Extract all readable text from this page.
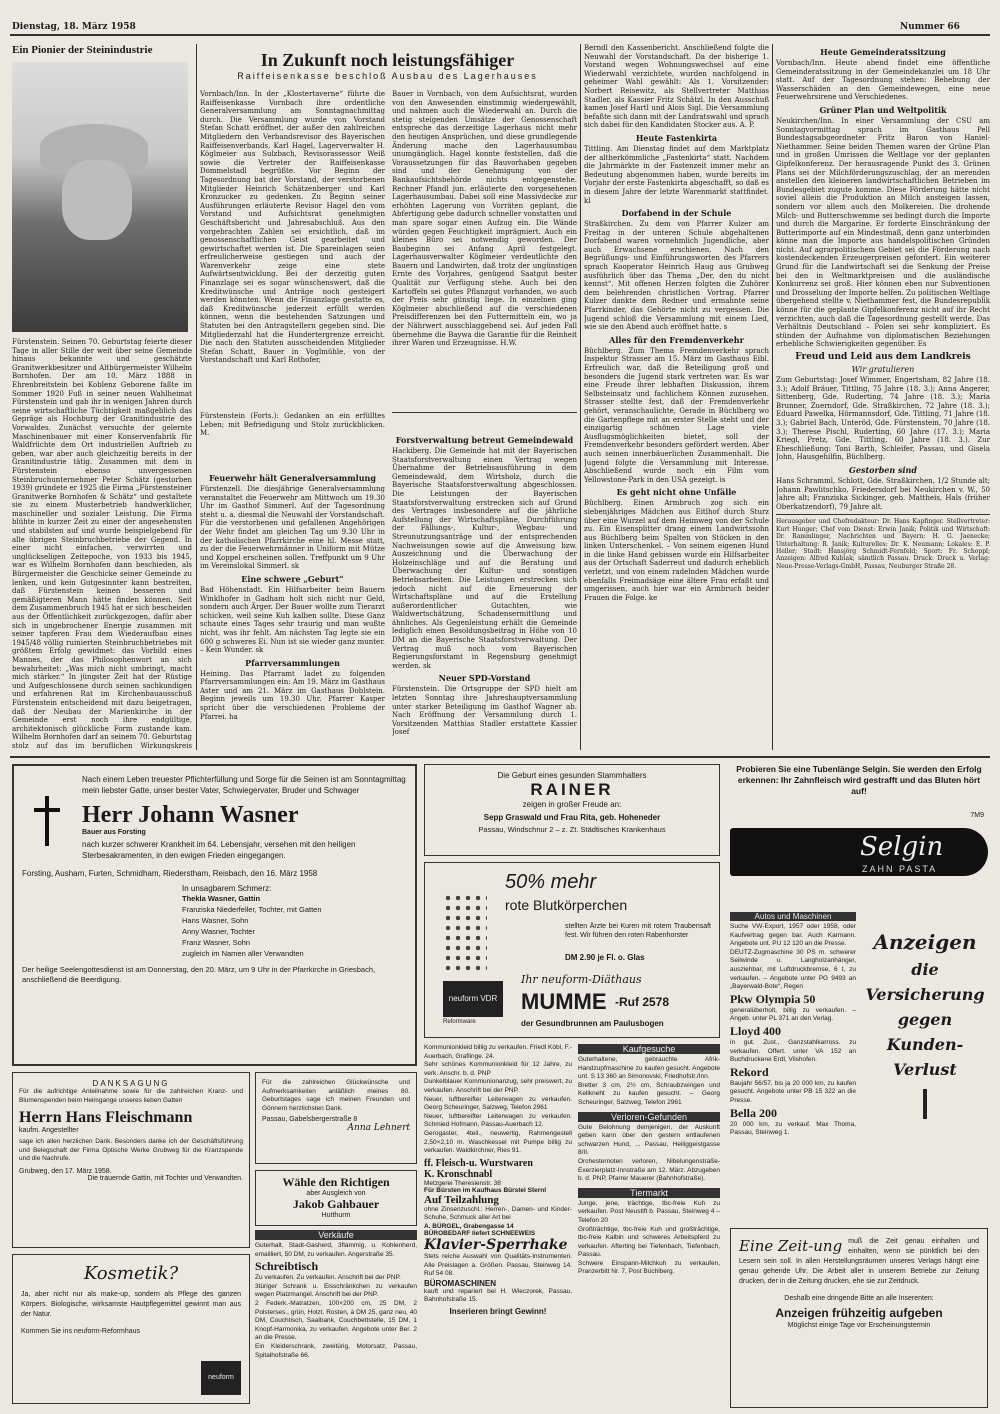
Dienstag, 18. März 1958	Nummer 66
Ein Pionier der Steinindustrie
Fürstenstein. Seinen 70. Geburtstag feierte dieser Tage in aller Stille der weit über seine Gemeinde hinaus bekannte und geschätzte Granitwerkbesitzer und Altbürgermeister Wilhelm Bornhofen. Der am 10. März 1888 in Ehrenbreitstein bei Koblenz Geborene faßte im Sommer 1920 Fuß in seiner neuen Wahlheimat Fürstenstein und gab ihr in wenigen Jahren durch seine wirtschaftliche Tüchtigkeit maßgeblich das Gepräge als Hochburg der Granitindustrie des Vorwaldes. Zunächst versuchte der gelernte Maschinenbauer mit einer Konservenfabrik für Waldfrüchte dem Ort industriellen Auftrieb zu geben, war aber auch gleichzeitig bereits in der Granitindustrie tätig. Zusammen mit dem in Fürstenstein ebenso unvergessenen Steinbruchunternehmer Peter Schätz (gestorben 1939) gründete er 1925 die Firma „Fürstensteiner Granitwerke Bornhofen & Schätz“ und gestaltete sie zu einem Musterbetrieb handwerklicher, maschineller und sozialer Leistung. Die Firma blühte in kurzer Zeit zu einer der angesehensten und stabilsten auf und wurde beispielgebend für alle übrigen Steinbruchbetriebe der Gegend. In einer nicht einfachen, verwirrten und unglückseligen Zeitepoche, von 1933 bis 1945, war es Wilhelm Bornhofen dann beschieden, als Bürgermeister die Geschicke seiner Gemeinde zu lenken, und kein Gutgesinnter kann bestreiten, daß Fürstenstein keinen besseren und gemäßigteren Mann hätte finden können. Seit dem Zusammenbruch 1945 hat er sich bescheiden aus der Öffentlichkeit zurückgezogen, dafür aber sich in ungebrochener Energie zusammen mit seiner tapferen Frau dem Wiederaufbau eines 1945/48 völlig ruinierten Steinbruchbetriebes mit größtem Erfolg gewidmet: das Vorbild eines Mannes, der das Philosophenwort an sich bewahrheitet: „Was mich nicht umbringt, macht mich stärker.“ In jüngster Zeit hat der Rüstige und Aufgeschlossene durch seinen sachkundigen und erfahrenen Rat im Kirchenbauausschuß Fürstenstein entscheidend mit dazu beigetragen, daß der Neubau der Marienkirche in der Gemeinde erst noch ihre endgültige, architektonisch glückliche Form zustande kam. Wilhelm Bornhofen darf an seinem 70. Geburtstag stolz auf das im beruflichen Wirkungskreis
In Zukunft noch leistungsfähiger
Raiffeisenkasse beschloß Ausbau des Lagerhauses
Vornbach/Inn. In der „Klostertaverne“ führte die Raiffeisenkasse Vornbach ihre ordentliche Generalversammlung am Sonntagnachmittag durch. Die Versammlung wurde von Vorstand Stefan Schatt eröffnet, der außer den zahlreichen Mitgliedern den Verbandsrevisor des Bayerischen Raiffeisenverbands, Karl Hagel, Lagerverwalter H. Köglmeier aus Sulzbach, Revisorassessor Weiß sowie die Vertreter der Raiffeisenkasse Dommelstadl begrüßte. Vor Beginn der Tagesordnung bat der Vorstand, der verstorbenen Mitglieder Heinrich Schätzenberger und Karl Kronzucker zu gedenken. Zu Beginn seiner Ausführungen erläuterte Revisor Hagel den vom Vorstand und Aufsichtsrat genehmigten Geschäftsbericht und Jahresabschluß. Aus den vorgebrachten Zahlen sei ersichtlich, daß im genossenschaftlichen Geist gearbeitet und gewirtschaftet werden ist. Die Spareinlagen seien erfreulicherweise gestiegen und auch der Warenverkehr zeige eine stete Aufwärtsentwicklung. Bei der derzeitig guten Finanzlage sei es sogar wünschenswert, daß die Kreditwünsche und Anträge noch gesteigert werden könnten. Wenn die Finanzlage gestatte es, daß Kreditwünsche jederzeit erfüllt werden können, wenn die bestehenden Satzungen und Statuten bei den Antragstellern gegeben sind. Die Mitgliederzahl hat die Hundertergrenze erreicht. Die nach den Statuten ausscheidenden Mitglieder Stefan Schatt, Bauer in Voglmühle, von der Vorstandschaft und Karl Rothofer,
Bauer in Vornbach, von dem Aufsichtsrat, wurden von den Anwesenden einstimmig wiedergewählt, und nahmen auch die Wiederwahl an. Durch die stetig steigenden Umsätze der Genossenschaft entspreche das derzeitige Lagerhaus nicht mehr den heutigen Ansprüchen, und diese grundlegende Änderung mache den Lagerhausumbau unumgänglich. Hagel konnte feststellen, daß die Voraussetzungen für das Bauvorhaben gegeben sind und der Genehmigung von der Bankaufsichtsbehörde nichts entgegenstehe. Rechner Pfandl jun. erläuterte den vorgesehenen Lagerhausumbau. Dabei soll eine Massivdecke zur erhöhten Lagerung von Vorräten geplant, die Abfertigung gebe dadurch schneller vonstatten und man spare sogar einen Aufzug ein. Die Wände würden gegen Feuchtigkeit imprägniert. Auch ein kleines Büro sei notwendig geworden. Der Baubeginn sei Anfang April festgelegt. Lagerhausverwalter Köglmeier verdeutlichte den Bauern und Landwirten, daß trotz der ungünstigen Ernte des Vorjahres, genügend Saatgut bester Qualität zur Verfügung stehe. Auch bei den Kartoffeln sei gutes Pflanzgut vorhanden, wo auch der Preis sehr günstig liege. In einzelnen ging Köglmeier abschließend auf die verschiedenen Preisdifferenzen bei den Futtermitteln ein, wo ja der Nährwert ausschlaggebend sei. Auf jeden Fall übernehme die Baywa die Garantie für die Reinheit ihrer Waren und Erzeugnisse. H.W.
Fürstenstein (Forts.): Gedanken an ein erfülltes Leben; mit Befriedigung und Stolz zurückblicken. M.
Feuerwehr hält Generalversammlung
Fürstenzell. Die diesjährige Generalversammlung veranstaltet die Feuerwehr am Mittwoch um 19.30 Uhr im Gasthof Simmerl. Auf der Tagesordnung steht u. a. diesmal die Neuwahl der Vorstandschaft. Für die verstorbenen und gefallenen Angehörigen der Wehr findet am gleichen Tag um 9.30 Uhr in der katholischen Pfarrkirche eine hl. Messe statt, zu der die Feuerwehrmänner in Uniform mit Mütze und Koppel erscheinen sollen. Treffpunkt um 9 Uhr im Vereinslokal Simmerl. sk
Eine schwere „Geburt“
Bad Höhenstadt. Ein Hilfsarbeiter beim Bauern Winklhofer in Gadham holt sich nicht nur Geld, sondern auch Ärger. Der Bauer wollte zum Tierarzt schicken, weil seine Kuh kalben sollte. Diese Ganz schaute eines Tages sehr traurig und man wußte nicht, was ihr fehlt. Am nächsten Tag legte sie ein 600 g schweres Ei. Nun ist sie wieder ganz munter. – Kein Wunder. sk
Pfarrversammlungen
Heining. Das Pfarramt ladet zu folgenden Pfarrversammlungen ein: Am 19. März im Gasthaus Aster und am 21. März im Gasthaus Doblstein. Beginn jeweils um 19.30 Uhr. Pfarrer Kasper spricht über die verschiedenen Probleme der Pfarrei. ha
Forstverwaltung betreut Gemeindewald
Hackiberg. Die Gemeinde hat mit der Bayerischen Staatsforstverwaltung einen Vertrag wegen Übernahme der Betriebsausführung in dem Gemeindewald, dem Wirtsholz, durch die Bayerische Staatsforstverwaltung abgeschlossen. Die Leistungen der Bayerischen Staatsforstverwaltung erstrecken sich auf Grund des Vertrages insbesondere auf die jährliche Aufstellung der Wirtschaftspläne, Durchführung der Fällungs-, Kultur-, Wegbau- und Streunutzungsanträge und der entsprechenden Nachweisungen sowie auf die Anweisung bzw. Auszeichnung und die Überwachung der Holzeinschläge und auf die Beratung und Überwachung der Kultur- und sonstigen Betriebsarbeiten. Die Leistungen erstrecken sich jedoch nicht auf die Erneuerung der Wirtschaftspläne und auf die Erstellung außerordentlicher Gutachten, wie Waldwertschätzung, Schadensermittlung und ähnliches. Als Gegenleistung erhält die Gemeinde lediglich einen Besoldungsbeitrag in Höhe von 10 DM an die Bayerische Staatsforstverwaltung. Der Vertrag muß noch vom Bayerischen Regierungsforstamt in Regensburg genehmigt werden. sk
Neuer SPD-Vorstand
Fürstenstein. Die Ortsgruppe der SPD hielt am letzten Sonntag ihre Jahreshauptversammlung unter starker Beteiligung im Gasthof Wagner ab. Nach Eröffnung der Versammlung durch 1. Vorsitzenden Matthias Stadler erstattete Kassier Josef
Berndl den Kassenbericht. Anschließend folgte die Neuwahl der Vorstandschaft. Da der bisherige 1. Vorstand wegen Wohnungswechsel auf eine Wiederwahl verzichtete, wurden nachfolgend in geheimer Wahl gewählt: Als 1. Vorsitzender: Norbert Reisewitz, als Stellvertreter Matthias Stadler, als Kassier Fritz Schätzl. In den Ausschuß kamen Josef Hartl und Alois Sigl. Die Versammlung befaßte sich dann mit der Landratswahl und sprach sich dabei für den Kandidaten Stocker aus. A. P.
Heute Fastenkirta
Tittling. Am Dienstag findet auf dem Marktplatz der altherkömmliche „Fastenkirta“ statt. Nachdem die Jahrmärkte in der Fastenzeit immer mehr an Bedeutung abgenommen haben, wurde bereits im Vorjahr der erste Fastenkirta abgeschafft, so daß es in diesem Jahre der letzte Warenmarkt stattfindet. kl
Dorfabend in der Schule
Straßkirchen. Zu dem von Pfarrer Kulzer am Freitag in der unteren Schule abgehaltenen Dorfabend waren vornehmlich Jugendliche, aber auch Erwachsene erschienen. Nach den Begrüßungs- und Einführungsworten des Pfarrers sprach Kooperator Heinrich Haug aus Grubweg ausführlich über das Thema „Der, den du nicht kennst“. Mit offenen Herzen folgten die Zuhörer dem belehrenden christlichen Vortrag. Pfarrer Kulzer dankte dem Redner und ermahnte seine Pfarrkinder, das Gehörte nicht zu vergessen. Die Jugend schloß die Versammlung mit einem Lied, wie sie den Abend auch eröffnet hatte. s
Alles für den Fremdenverkehr
Büchlberg. Zum Thema Fremdenverkehr sprach Inspektor Strasser am 15. März im Gasthaus Eibl. Erfreulich war, daß die Beteiligung groß und besonders die Jugend stark vertreten war. Es war eine Freude ihrer lebhaften Diskussion, ihrem Selbsteinsatz und fachlichem Können zuzusehen. Strasser stellte fest, daß der Fremdenverkehr gehört, veranschaulichte, Gerade in Büchlberg wo die Gartenpflege mit an erster Stelle steht und der einzigartig schönen Lage viele Ausflugsmöglichkeiten bietet, soll der Fremdenverkehr besonders gefördert werden. Aber auch seinen innerbäuerlichen Zusammenhalt. Die Jugend folgte die Versammlung mit Interesse. Abschließend wurde noch ein Film vom Yellowstone-Park in den USA gezeigt. is
Es geht nicht ohne Unfälle
Büchlberg. Einen Armbruch zog sich ein siebenjähriges Mädchen aus Eitlhof durch Sturz über eine Wurzel auf dem Heimweg von der Schule zu. Ein Eisensplitter drang einem Landwirtssohn aus Büchlberg beim Spalten von Stöcken in den linken Unterschenkel. – Von seinem eigenen Hund in die linke Hand gebissen wurde ein Hilfsarbeiter aus der Ortschaft Saderreut und dadurch erheblich verletzt, und von einem radelnden Mädchen wurde ebenfalls Freimadsäge eine ältere Frau erfaßt und umgerissen, auch hier war ein Armbruch beider Frauen die Folge. ke
Heute Gemeinderatssitzung
Vornbach/Inn. Heute abend findet eine öffentliche Gemeinderatssitzung in der Gemeindekanzlei um 18 Uhr statt. Auf der Tagesordnung stehen: Behebung der Wasserschäden an den Gemeindewegen, eine neue Feuerwehrsirene und Verschiedenes.
Grüner Plan und Weltpolitik
Neukirchen/Inn. In einer Versammlung der CSU am Sonntagvormittag sprach im Gasthaus Pell Bundestagsabgeordneter Fritz Baron von Haniel-Niethammer. Seine beiden Themen waren der Grüne Plan und in großen Umrissen die Weltlage vor der geplanten Gipfelkonferenz. Der herausragende Punkt des 3. Grünen Plans sei der Milchförderungszuschlag, der an merenden anstellen den kleineren landwirtschaftlichen Betrieben im Bundesgebiet zugute komme. Diese Förderung hätte nicht soviel allein die Produktion an Milch ansteigen lassen, sondern vor allem auch den Molkereien. Die drohende Milch- und Butterschwemme sei bedingt durch die Importe und durch die Margarine. Er forderte Einschränkung der Butterimporte auf ein Mindestmaß, denn ganz unterbinden könne man die Importe aus handelspolitischen Gründen nicht. Auf agrarpolitischem Gebiet sei die Förderung nach kostendeckenden Erzeugerpreisen gefordert. Ein weiterer Grund für die Landwirtschaft sei die Senkung der Preise bei den in Weltmarktpreisen und die ausländische Konkurrenz sei groß. Hier können eben nur Subventionen und Drosselung der Importe helfen. Zu politischen Weltlage übergehend stellte v. Niethammer fest, die Bundesrepublik könne für die geplante Gipfelkonferenz nicht auf ihr Recht verzichten, auch daß die Tagesordnung gestellt werde. Das Verhältnis Deutschland – Polen sei sehr kompliziert. Es stünden der Aufnahme von diplomatischen Beziehungen erhebliche Schwierigkeiten gegenüber. Es
Freud und Leid aus dem Landkreis
Wir gratulieren
Zum Geburtstag: Josef Wimmer, Engertsham, 82 Jahre (18. 3.); Adolf Bräuer, Tittling, 75 Jahre (18. 3.); Anna Angerer, Sittenberg, Gde. Ruderting, 74 Jahre (18. 3.); Maria Brunner, Zuerndorf, Gde. Straßkirchen, 72 Jahre (18. 3.); Eduard Pawelka, Hörmannsdorf, Gde. Tittling, 71 Jahre (18. 3.); Gabriel Bach, Unteröd, Gde. Fürstenstein, 70 Jahre (18. 3.); Therese Pischl, Ruderting, 60 Jahre (17. 3.); Maria Kriegl, Pretz, Gde. Tittling, 60 Jahre (18. 3.). Zur Eheschließung: Toni Barth, Schleifer, Passau, und Gisela John, Hausgehilfin, Büchlberg.
Gestorben sind
Hans Schramml, Schlott, Gde. Straßkirchen, 1/2 Stunde alt; Johann Pawlitschko, Friedersdorf bei Neukirchen v. W., 50 Jahre alt; Franziska Sickinger, geb. Mattheis, Hals (früher Oberkatzendorf), 79 Jahre alt.
Herausgeber und Chefredakteur: Dr. Hans Kapfinger. Stellvertreter: Kurt Hunger; Chef vom Dienst: Erwin Janik; Politik und Wirtschaft: Dr. Rammlinger, Nachrichten und Bayern: H. G. Jaenecke; Unterhaltung: R. Janik; Kulturelles: Dr. K. Neumann; Lokales: E. P. Heller; Stadt: Hansjörg Schmidt-Fernfeld; Sport: Fr. Schoppl; Anzeigen: Alfred Kubiak; sämtlich Passau. Druck: Druck u. Verlag: Neue-Presse-Verlags-GmbH, Passau, Neuburger Straße 28.
Nach einem Leben treuester Pflichterfüllung und Sorge für die Seinen ist am Sonntagmittag mein liebster Gatte, unser bester Vater, Schwiegervater, Bruder und Schwager
Herr Johann Wasner
Bauer aus Forsting
nach kurzer schwerer Krankheit im 64. Lebensjahr, versehen mit den heiligen Sterbesakramenten, in den ewigen Frieden eingegangen.
Forsting, Ausham, Furten, Schmidham, Riederstham, Reisbach, den 16. März 1958
In unsagbarem Schmerz:
Thekla Wasner, Gattin
Franziska Niederfeller, Tochter, mit Gatten
Hans Wasner, Sohn
Anny Wasner, Tochter
Franz Wasner, Sohn
zugleich im Namen aller Verwandten
Der heilige Seelengottesdienst ist am Donnerstag, den 20. März, um 9 Uhr in der Pfarrkirche in Griesbach, anschließend die Beerdigung.
DANKSAGUNG
Für die aufrichtige Anteilnahme sowie für die zahlreichen Kranz- und Blumenspenden beim Heimgange unseres lieben Gatten
Herrn Hans Fleischmann
kaufm. Angestellter
sage ich allen herzlichen Dank. Besonders danke ich der Geschäftsführung und Belegschaft der Firma Optische Werke Grubweg für die Kranzspende und die Nachrufe.
Grubweg, den 17. März 1958.
Die trauernde Gattin, mit Tochter und Verwandten.
Für die zahlreichen Glückwünsche und Aufmerksamkeiten anläßlich meines 80. Geburtstages sage ich meinen Freunden und Gönnern herzlichsten Dank.
Passau, Gabelsbergerstraße 8
Anna Lehnert
Wähle den Richtigen
aber Ausgleich von
Jakob Gahbauer
Hutthurm
Verkäufe
Guterhalt. Stadt-Gasherd, 3flammig, u. Kohlenherd, emailliert, 50 DM, zu verkaufen. Angerstraße 35.
Schreibtisch
Zu verkaufen. Zu verkaufen. Anschrift bei der PNP.
3türiger Schrank u. Eisschränkchen zu verkaufen wegen Platzmangel. Anschrift bei der PNP.
2 Federk.-Matratzen, 100×200 cm, 25 DM, 2 Polsterses., grün, Holzt. Rosten, à DM 25, ganz neu, 40 DM, Couchtisch, Saalbank, Couchbettstelle, 15 DM, 1 Knopf-Harmonika, zu verkaufen. Angebote unter Ber. 2 an die Presse.
Ein Kleiderschrank, zweitürig, Motorsatz, Passau, Spitalhofstraße 66.
Kosmetik?
Ja, aber nicht nur als make-up, sondern als Pflege des ganzen Körpers. Biologische, wirksamste Hautpflegemittel gewinnt man aus der Natur.
Kommen Sie ins neuform-Reformhaus
neuform
Die Geburt eines gesunden Stammhalters
RAINER
zeigen in großer Freude an:
Sepp Graswald und Frau Rita, geb. Hoheneder
Passau, Windschnur 2 – z. Zt. Städtisches Krankenhaus
50% mehr
rote Blutkörperchen
stellten Ärzte bei Kuren mit rotem Traubensaft fest. Wir führen den roten Rabenhorster
DM 2.90 je Fl. o. Glas
Ihr neuform-Diäthaus
MUMME -Ruf 2578
der Gesundbrunnen am Paulusbogen
neuform VDR
Reformware
Kommunionkleid billig zu verkaufen. Friedl Köbl, F.-Auerbach, Graflinge. 24.
Sehr schönes Kommunionkleid für 12 Jahre, zu verk. Anschr. b. d. PNP
Dunkelblauer Kommunionanzug, sehr preiswert, zu verkaufen. Anschrift bei der PNP.
Neuer, luftbereifter Leiterwagen zu verkaufen. Georg Scheuringer, Salzweg, Telefon 2961
Neuer, luftbereifter Leiterwagen zu verkaufen. Schmied Hofmann, Passau-Auerbach 12.
Gerogaster, 4teil., neuwertig, Rahmengestell 2,50×2,10 m. Waschkessel mit Pumpe billig zu verkaufen. Waldkirchner, Ries 91.
ff. Fleisch-u. Wurstwaren
K. Kronschnabl
Metzgerei Theresienstr. 38
Für Bürsten im Kaufhaus Bürstel Sternl
Auf Teilzahlung
ohne Zinsenzuschl.: Herren-, Damen- und Kinder-Schuhe, Schmuck aller Art bei
A. BÜRGEL, Grabengasse 14
BÜROBEDARF liefert SCHNEEWEIS
Klavier-Sperrhake
Stets reiche Auswahl von Qualitäts-Instrumenten. Alle Preislagen a. Größen. Passau, Steinweg 14. Ruf 54 08.
BÜROMASCHINEN
kauft und repariert bei H. Wieczorek, Passau, Bahnhofstraße 15.
Inserieren bringt Gewinn!
Kaufgesuche
Guterhaltene, gebrauchte Afrik-Handzupfmaschine zu kaufen gesucht. Angebote unt. S 13 360 an Simonovski, Friedhofstr./Inn.
Bretter 3 cm, 2½ cm, Schraubzwingen und Kellkneht zu kaufen gesucht. – Georg Scheuringer, Salzweg, Telefon 2961
Verloren-Gefunden
Gute Belohnung demjenigen, der Auskunft geben kann über den gestern entlaufenen schwarzen Hund, ... Passau, Heiliggeistgasse 8/II.
Orchesternoten verloren, Nibelungenstraße-Exerzierplatz-Innstraße am 12. März. Abzugeben b. d. PNP, Pfarrer Mauerer (Bahnhofstraße).
Tiermarkt
Junge, jene, trächtige, tbc-freie Kuh zu verkaufen. Post Neustift b. Passau, Steinweg 4 – Telefon 20
Großträchtige, tbc-freie Kuh und großträchtige, tbc-freie Kalbin und schweres Arbeitspferd zu verkaufen. Afterting bei Tiefenbach, Tiefenbach, Passau.
Schwere Einspann-Milchkuh zu verkaufen, Pranzerbitt Nr. 7, Post Büchlberg.
Probieren Sie eine Tubenlänge Selgin. Sie werden den Erfolg erkennen: Ihr Zahnfleisch wird gestrafft und das Bluten hört auf!
Selgin
ZAHN PASTA
7M9
Autos und Maschinen
Suche VW-Export, 1957 oder 1958, oder Kaufvertrag gegen bar. Auch Karmann. Angebote unt. PU 12 120 an die Presse.
DEUTZ-Zugmaschine 30 PS m. schwerer Seilwinde u. Langholzanhänger, ausziehbar, mit Luftdruckbremse, 6 t, zu verkaufen. – Angebote unter PG 9493 an „Bayerwald-Bote“, Regen
Pkw Olympia 50
generalüberholt, billig zu verkaufen. – Angeb. unter PL 371 an den Verlag.
Lloyd 400
in gut. Zust., Ganzstahlkarross. zu verkaufen. Offert. unter VA 152 an Buchdruckerei Erdl, Vilshofen.
Rekord
Baujahr 56/57, bis ja 20 000 km, zu kaufen gesucht. Angebote unter PB 15 322 an die Presse.
Bella 200
20 000 km, zu verkauf. Max Thoma, Passau, Steinweg 1.
Anzeigen
die
Versicherung
gegen
Kunden-
Verlust
Eine Zeit-ung muß die Zeit genau einhalten und einhalten, wenn sie pünktlich bei den Lesern sein soll. In allen Herstellungsräumen unseres Verlags hängt eine genau gehende Uhr. Die Arbeit aller in unserem Betriebe zur Zeitung drucken, der in die Zeitung drucken, ehe sie zur Zeitdruck.
Deshalb eine dringende Bitte an alle Inserenten:
Anzeigen frühzeitig aufgeben
Möglichst einige Tage vor Erscheinungstermin
